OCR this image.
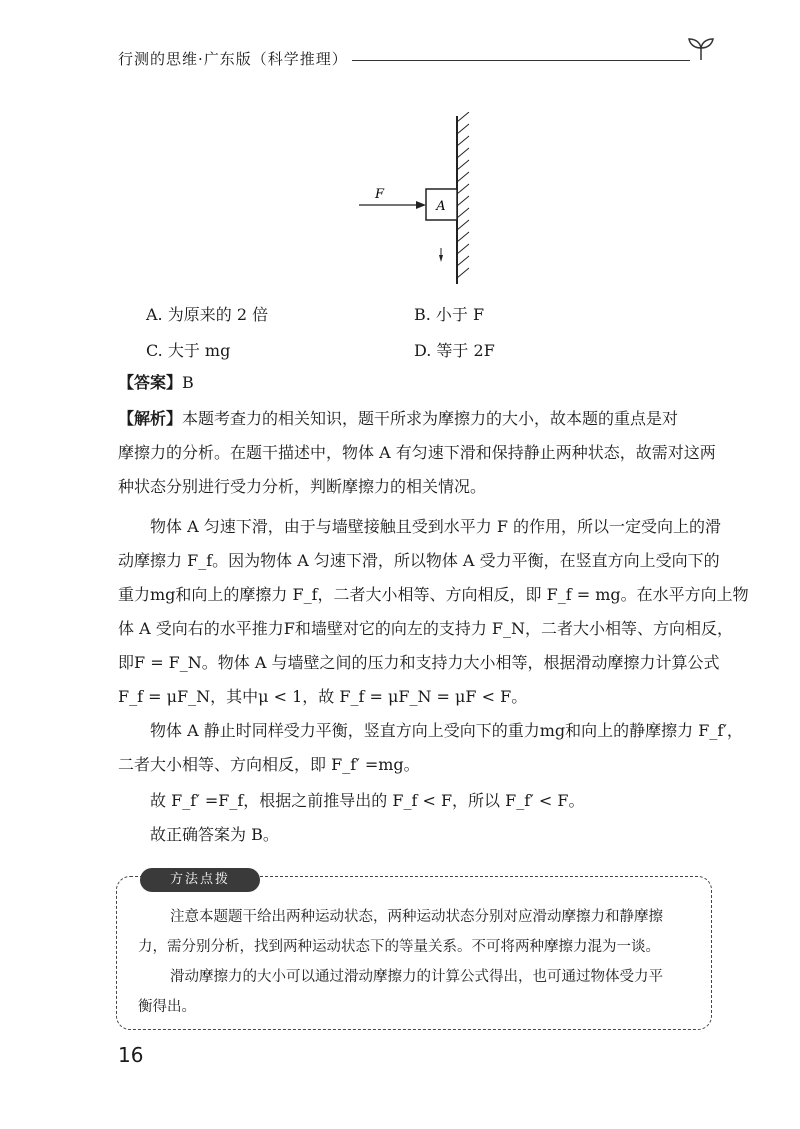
行测的思维·广东版（科学推理）
A
F
A. 为原来的 2 倍	B. 小于 F
C. 大于 mg	D. 等于 2F
【答案】B
【解析】本题考查力的相关知识，题干所求为摩擦力的大小，故本题的重点是对
摩擦力的分析。在题干描述中，物体 A 有匀速下滑和保持静止两种状态，故需对这两
种状态分别进行受力分析，判断摩擦力的相关情况。
物体 A 匀速下滑，由于与墙壁接触且受到水平力 F 的作用，所以一定受向上的滑
动摩擦力 F_f。因为物体 A 匀速下滑，所以物体 A 受力平衡，在竖直方向上受向下的
重力mg和向上的摩擦力 F_f，二者大小相等、方向相反，即 F_f = mg。在水平方向上物
体 A 受向右的水平推力F和墙壁对它的向左的支持力 F_N，二者大小相等、方向相反，
即F = F_N。物体 A 与墙壁之间的压力和支持力大小相等，根据滑动摩擦力计算公式
F_f = μF_N，其中μ < 1，故 F_f = μF_N = μF < F。
物体 A 静止时同样受力平衡，竖直方向上受向下的重力mg和向上的静摩擦力 F_f′，
二者大小相等、方向相反，即 F_f′ =mg。
故 F_f′ =F_f，根据之前推导出的 F_f < F，所以 F_f′ < F。
故正确答案为 B。
方法点拨
注意本题题干给出两种运动状态，两种运动状态分别对应滑动摩擦力和静摩擦
力，需分别分析，找到两种运动状态下的等量关系。不可将两种摩擦力混为一谈。
滑动摩擦力的大小可以通过滑动摩擦力的计算公式得出，也可通过物体受力平
衡得出。
16
